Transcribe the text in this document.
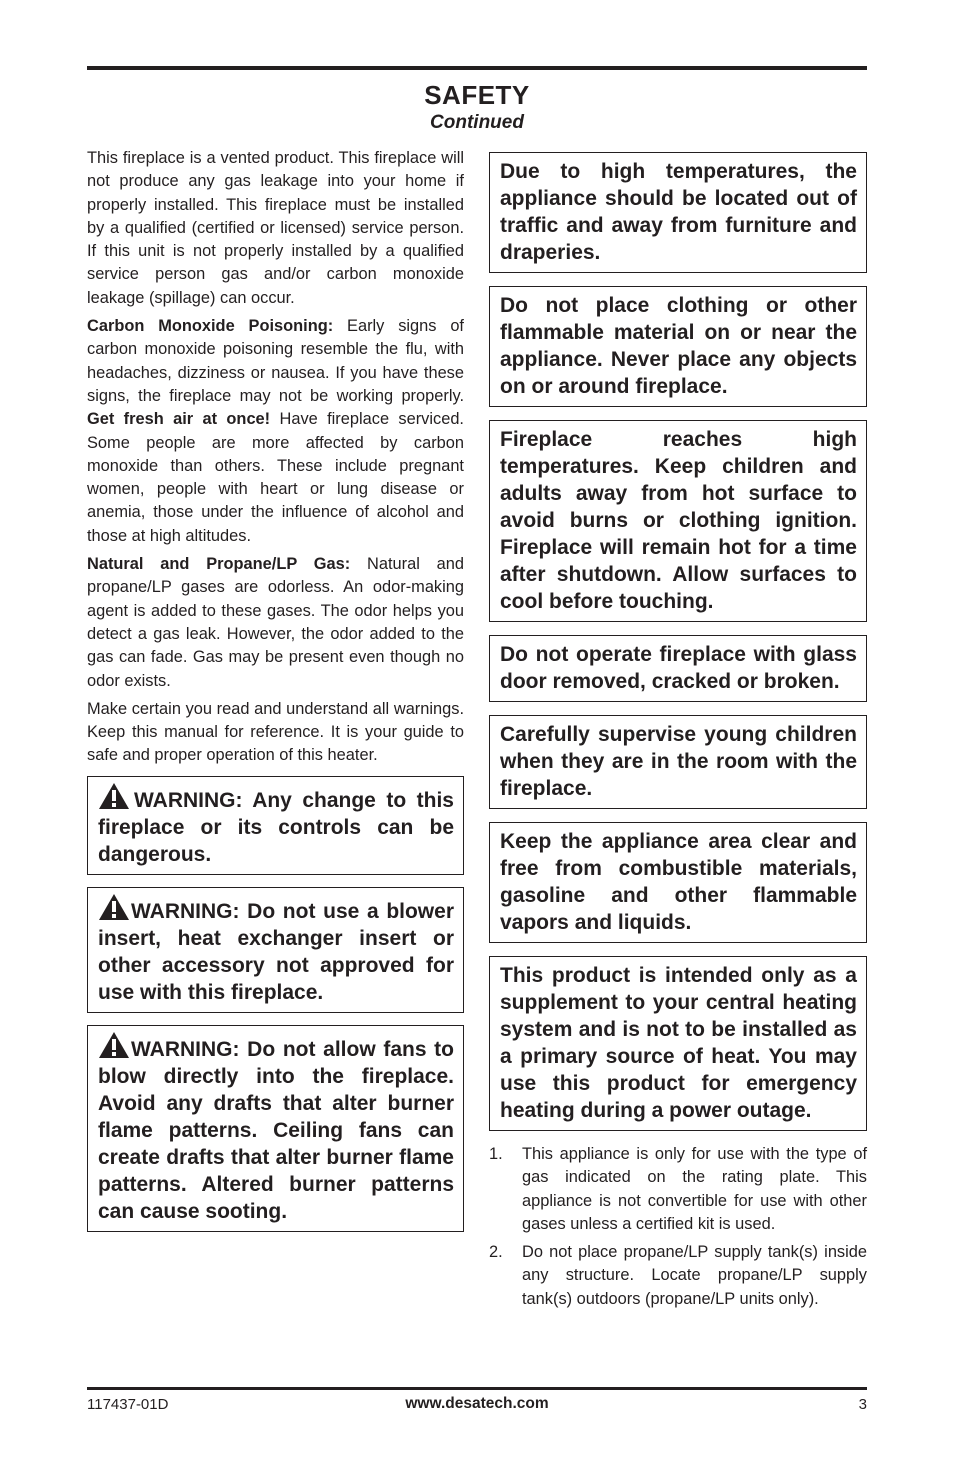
SAFETY
Continued

This fireplace is a vented product. This fireplace will not produce any gas leakage into your home if properly installed. This fireplace must be installed by a qualified (certified or licensed) service person. If this unit is not properly installed by a qualified service person gas and/or carbon monoxide leakage (spillage) can occur.

Carbon Monoxide Poisoning: Early signs of carbon monoxide poisoning resemble the flu, with headaches, dizziness or nausea. If you have these signs, the fireplace may not be working properly. Get fresh air at once! Have fireplace serviced. Some people are more affected by carbon monoxide than others. These include pregnant women, people with heart or lung disease or anemia, those under the influence of alcohol and those at high altitudes.

Natural and Propane/LP Gas: Natural and propane/LP gases are odorless. An odor-making agent is added to these gases. The odor helps you detect a gas leak. However, the odor added to the gas can fade. Gas may be present even though no odor exists.

Make certain you read and understand all warnings. Keep this manual for reference. It is your guide to safe and proper operation of this heater.

WARNING: Any change to this fireplace or its controls can be dangerous.
WARNING: Do not use a blower insert, heat exchanger insert or other accessory not approved for use with this fireplace.
WARNING: Do not allow fans to blow directly into the fireplace. Avoid any drafts that alter burner flame patterns. Ceiling fans can create drafts that alter burner flame patterns. Altered burner patterns can cause sooting.
Due to high temperatures, the appliance should be located out of traffic and away from furniture and draperies.
Do not place clothing or other flammable material on or near the appliance. Never place any objects on or around fireplace.
Fireplace reaches high temperatures. Keep children and adults away from hot surface to avoid burns or clothing ignition. Fireplace will remain hot for a time after shutdown. Allow surfaces to cool before touching.
Do not operate fireplace with glass door removed, cracked or broken.
Carefully supervise young children when they are in the room with the fireplace.
Keep the appliance area clear and free from combustible materials, gasoline and other flammable vapors and liquids.
This product is intended only as a supplement to your central heating system and is not to be installed as a primary source of heat. You may use this product for emergency heating during a power outage.
1. This appliance is only for use with the type of gas indicated on the rating plate. This appliance is not convertible for use with other gases unless a certified kit is used.
2. Do not place propane/LP supply tank(s) inside any structure. Locate propane/LP supply tank(s) outdoors (propane/LP units only).
117437-01D	www.desatech.com	3
